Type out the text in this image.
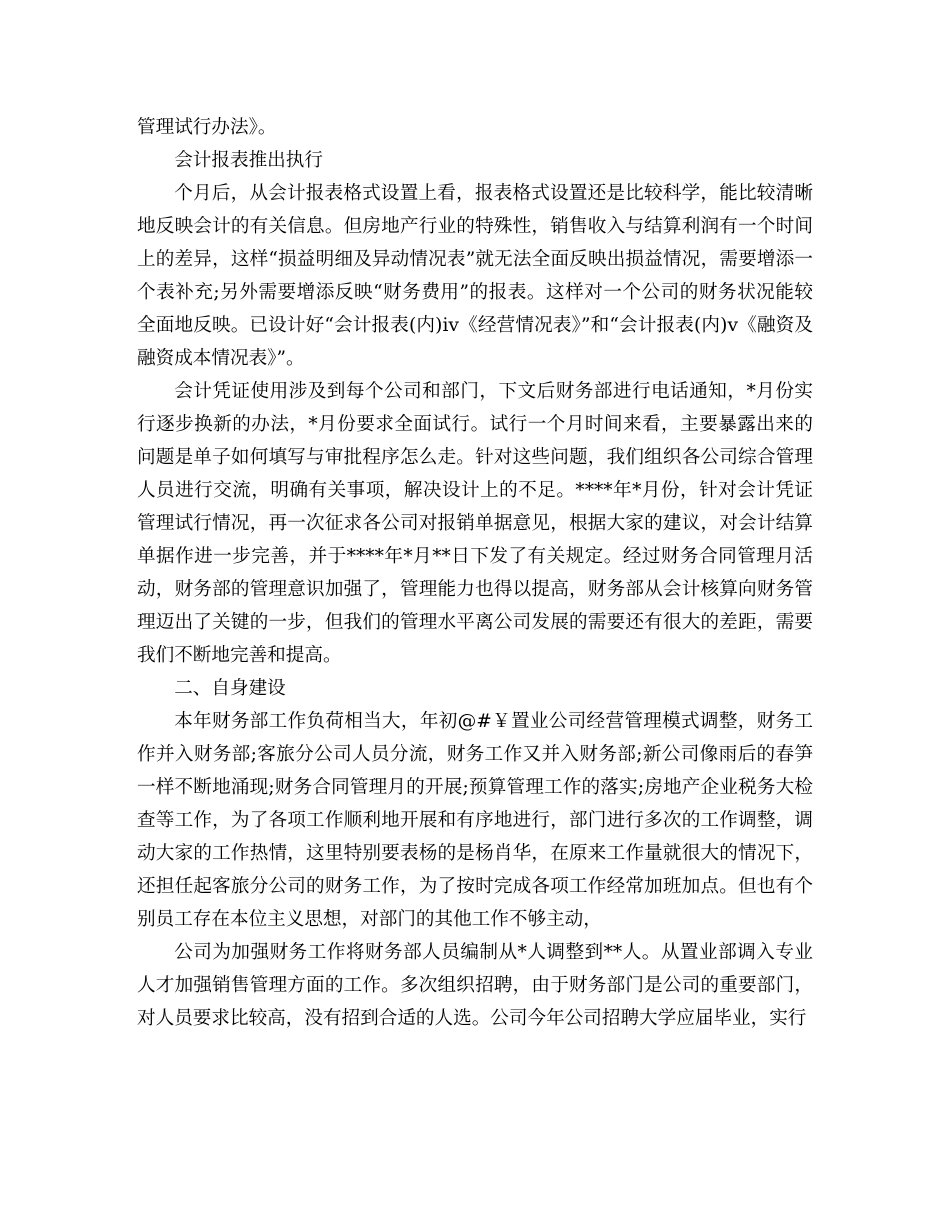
管理试行办法》。

会计报表推出执行

个月后，从会计报表格式设置上看，报表格式设置还是比较科学，能比较清晰地反映会计的有关信息。但房地产行业的特殊性，销售收入与结算利润有一个时间上的差异，这样“损益明细及异动情况表”就无法全面反映出损益情况，需要增添一个表补充;另外需要增添反映“财务费用”的报表。这样对一个公司的财务状况能较全面地反映。已设计好“会计报表(内)ⅳ《经营情况表》”和“会计报表(内)ⅴ《融资及融资成本情况表》”。

会计凭证使用涉及到每个公司和部门，下文后财务部进行电话通知，*月份实行逐步换新的办法，*月份要求全面试行。试行一个月时间来看，主要暴露出来的问题是单子如何填写与审批程序怎么走。针对这些问题，我们组织各公司综合管理人员进行交流，明确有关事项，解决设计上的不足。****年*月份，针对会计凭证管理试行情况，再一次征求各公司对报销单据意见，根据大家的建议，对会计结算单据作进一步完善，并于****年*月**日下发了有关规定。经过财务合同管理月活动，财务部的管理意识加强了，管理能力也得以提高，财务部从会计核算向财务管理迈出了关键的一步，但我们的管理水平离公司发展的需要还有很大的差距，需要我们不断地完善和提高。

二、自身建设

本年财务部工作负荷相当大，年初@#￥置业公司经营管理模式调整，财务工作并入财务部;客旅分公司人员分流，财务工作又并入财务部;新公司像雨后的春笋一样不断地涌现;财务合同管理月的开展;预算管理工作的落实;房地产企业税务大检查等工作，为了各项工作顺利地开展和有序地进行，部门进行多次的工作调整，调动大家的工作热情，这里特别要表杨的是杨肖华，在原来工作量就很大的情况下，还担任起客旅分公司的财务工作，为了按时完成各项工作经常加班加点。但也有个别员工存在本位主义思想，对部门的其他工作不够主动，

公司为加强财务工作将财务部人员编制从*人调整到**人。从置业部调入专业人才加强销售管理方面的工作。多次组织招聘，由于财务部门是公司的重要部门，对人员要求比较高，没有招到合适的人选。公司今年公司招聘大学应届毕业，实行
